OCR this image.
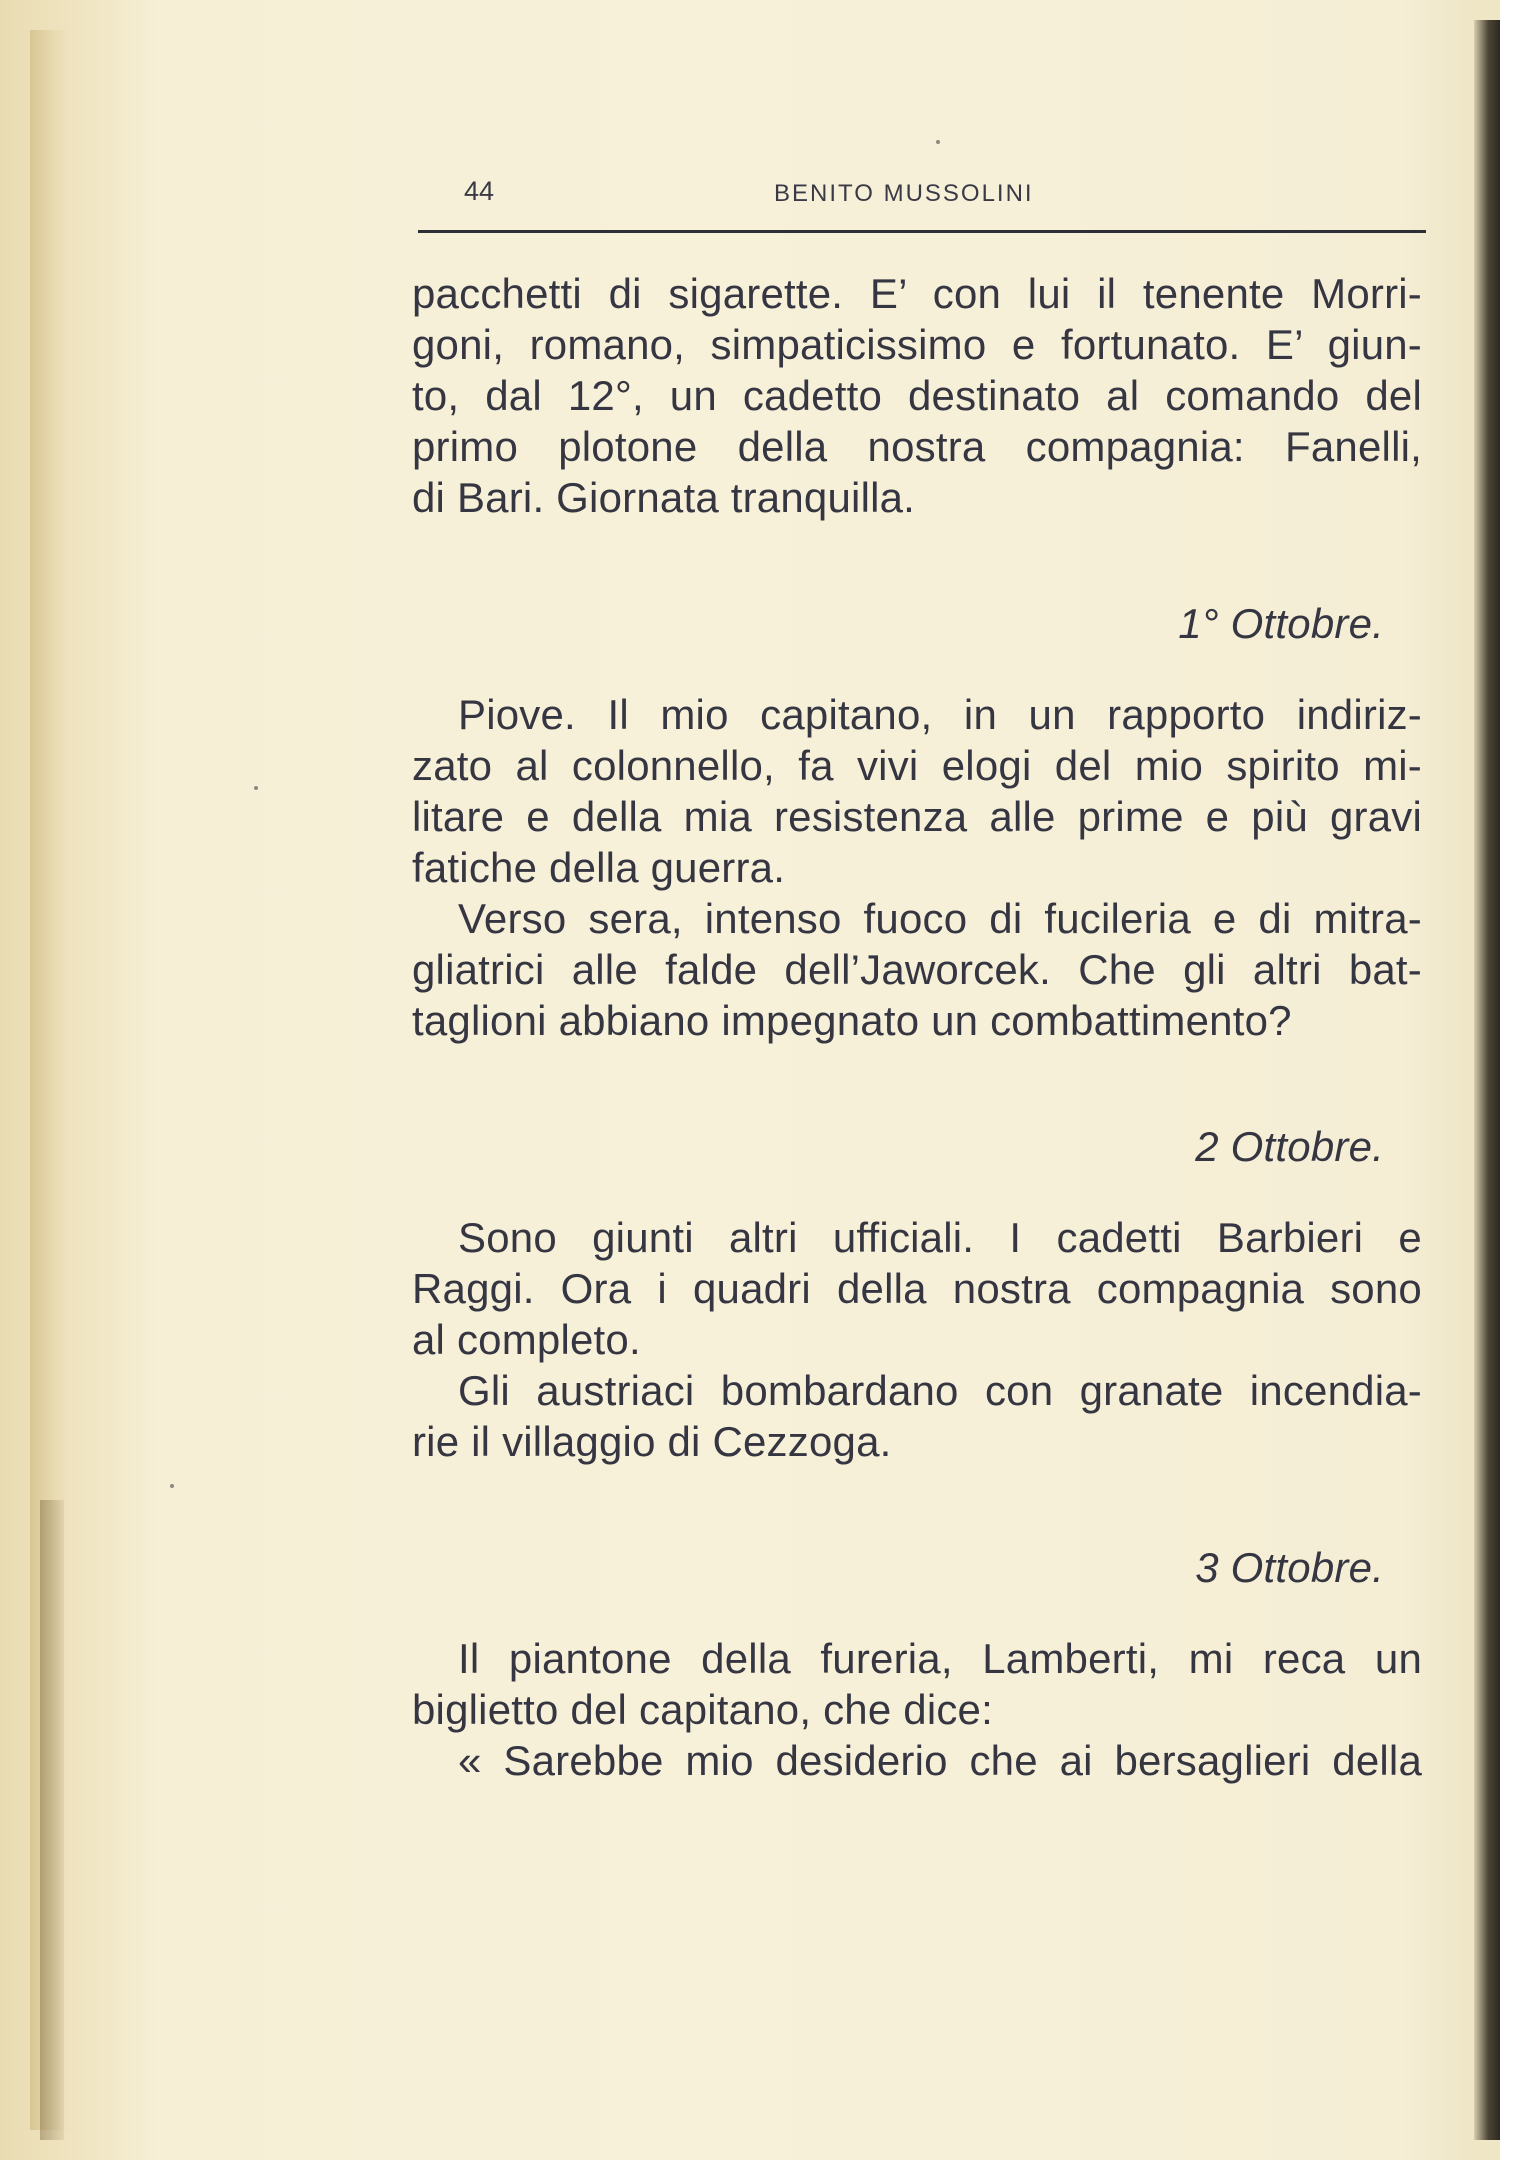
44	BENITO MUSSOLINI
pacchetti di sigarette. E’ con lui il tenente Morri-
goni, romano, simpaticissimo e fortunato. E’ giun-
to, dal 12°, un cadetto destinato al comando del
primo plotone della nostra compagnia: Fanelli,
di Bari. Giornata tranquilla.
1° Ottobre.
Piove. Il mio capitano, in un rapporto indiriz-
zato al colonnello, fa vivi elogi del mio spirito mi-
litare e della mia resistenza alle prime e più gravi
fatiche della guerra.
Verso sera, intenso fuoco di fucileria e di mitra-
gliatrici alle falde dell’Jaworcek. Che gli altri bat-
taglioni abbiano impegnato un combattimento?
2 Ottobre.
Sono giunti altri ufficiali. I cadetti Barbieri e
Raggi. Ora i quadri della nostra compagnia sono
al completo.
Gli austriaci bombardano con granate incendia-
rie il villaggio di Cezzoga.
3 Ottobre.
Il piantone della fureria, Lamberti, mi reca un
biglietto del capitano, che dice:
« Sarebbe mio desiderio che ai bersaglieri della
